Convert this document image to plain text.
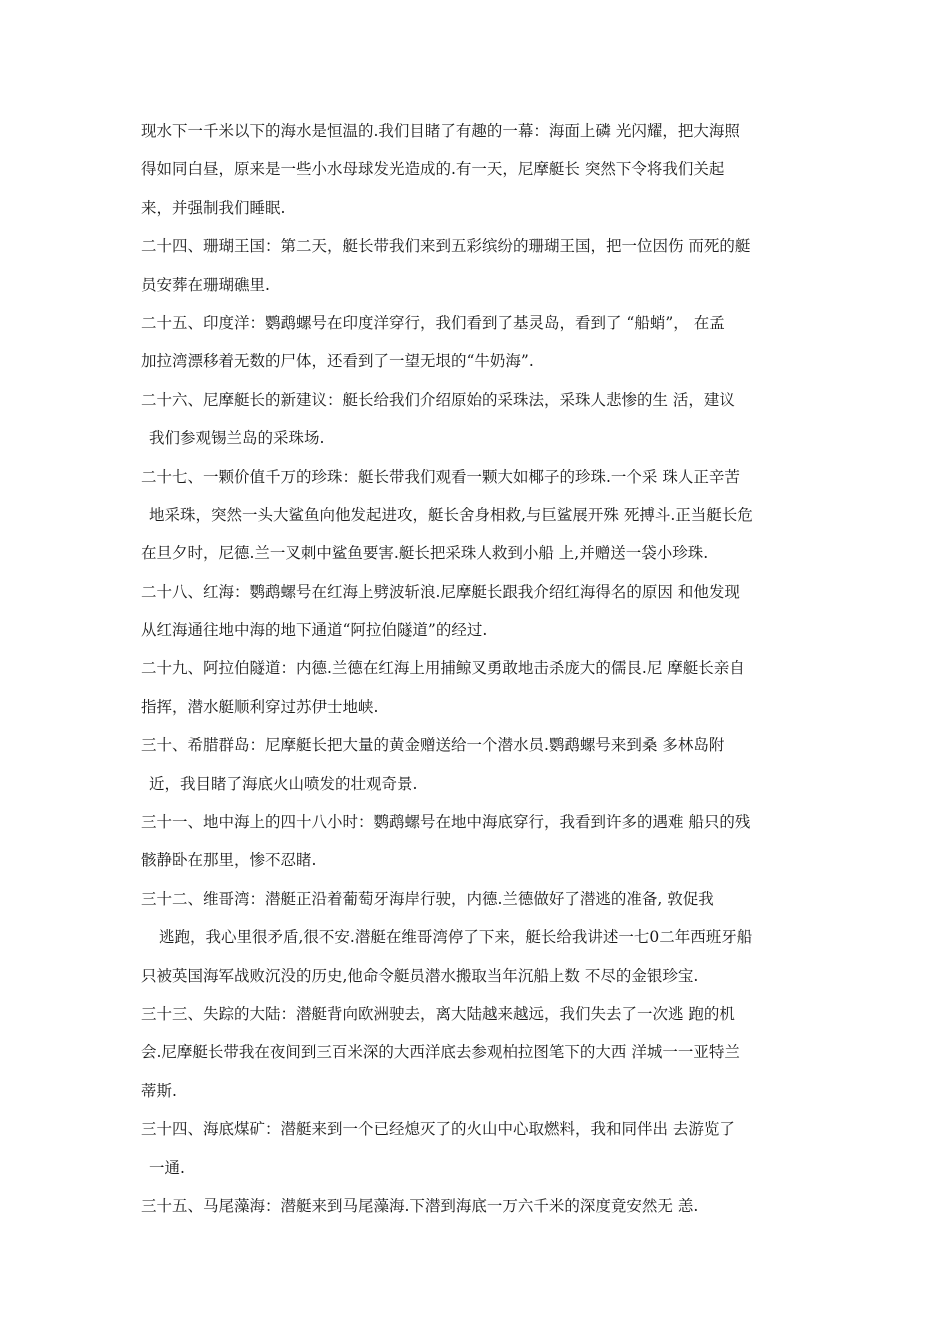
现水下一千米以下的海水是恒温的.我们目睹了有趣的一幕：海面上磷 光闪耀，把大海照
得如同白昼，原来是一些小水母球发光造成的.有一天，尼摩艇长 突然下令将我们关起
来，并强制我们睡眠.
二十四、珊瑚王国：第二天，艇长带我们来到五彩缤纷的珊瑚王国，把一位因伤 而死的艇
员安葬在珊瑚礁里.
二十五、印度洋：鹦鹉螺号在印度洋穿行，我们看到了基灵岛，看到了 “船蛸”， 在孟
加拉湾漂移着无数的尸体，还看到了一望无垠的“牛奶海”.
二十六、尼摩艇长的新建议：艇长给我们介绍原始的采珠法，采珠人悲惨的生 活，建议
我们参观锡兰岛的采珠场.
二十七、一颗价值千万的珍珠：艇长带我们观看一颗大如椰子的珍珠.一个采 珠人正辛苦
地采珠，突然一头大鲨鱼向他发起进攻，艇长舍身相救,与巨鲨展开殊 死搏斗.正当艇长危
在旦夕时，尼德.兰一叉刺中鲨鱼要害.艇长把采珠人救到小船 上,并赠送一袋小珍珠.
二十八、红海：鹦鹉螺号在红海上劈波斩浪.尼摩艇长跟我介绍红海得名的原因 和他发现
从红海通往地中海的地下通道“阿拉伯隧道”的经过.
二十九、阿拉伯隧道：内德.兰德在红海上用捕鲸叉勇敢地击杀庞大的儒艮.尼 摩艇长亲自
指挥，潜水艇顺利穿过苏伊士地峡.
三十、希腊群岛：尼摩艇长把大量的黄金赠送给一个潜水员.鹦鹉螺号来到桑 多林岛附
近，我目睹了海底火山喷发的壮观奇景.
三十一、地中海上的四十八小时：鹦鹉螺号在地中海底穿行，我看到许多的遇难 船只的残
骸静卧在那里，惨不忍睹.
三十二、维哥湾：潜艇正沿着葡萄牙海岸行驶，内德.兰德做好了潜逃的准备, 敦促我
逃跑，我心里很矛盾,很不安.潜艇在维哥湾停了下来，艇长给我讲述一七0二年西班牙船
只被英国海军战败沉没的历史,他命令艇员潜水搬取当年沉船上数 不尽的金银珍宝.
三十三、失踪的大陆：潜艇背向欧洲驶去，离大陆越来越远，我们失去了一次逃 跑的机
会.尼摩艇长带我在夜间到三百米深的大西洋底去参观柏拉图笔下的大西 洋城一一亚特兰
蒂斯.
三十四、海底煤矿：潜艇来到一个已经熄灭了的火山中心取燃料，我和同伴出 去游览了
一通.
三十五、马尾藻海：潜艇来到马尾藻海.下潜到海底一万六千米的深度竟安然无 恙.
